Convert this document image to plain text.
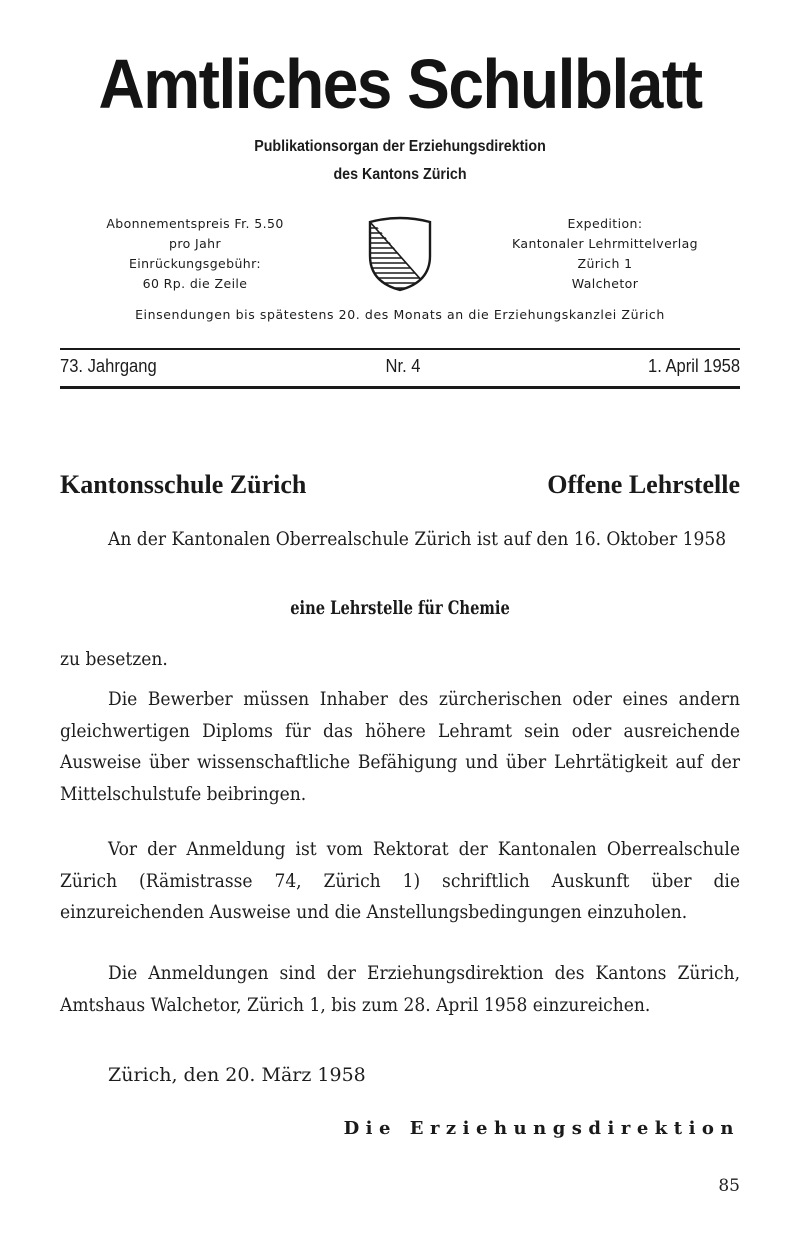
Amtliches Schulblatt
Publikationsorgan der Erziehungsdirektion
des Kantons Zürich
Abonnementspreis Fr. 5.50
pro Jahr
Einrückungsgebühr:
60 Rp. die Zeile
Expedition:
Kantonaler Lehrmittelverlag
Zürich 1
Walchetor
Einsendungen bis spätestens 20. des Monats an die Erziehungskanzlei Zürich
73. Jahrgang	Nr. 4	1. April 1958
Kantonsschule Zürich	Offene Lehrstelle

An der Kantonalen Oberrealschule Zürich ist auf den 16. Oktober 1958

eine Lehrstelle für Chemie

zu besetzen.

Die Bewerber müssen Inhaber des zürcherischen oder eines andern gleichwertigen Diploms für das höhere Lehramt sein oder ausreichende Ausweise über wissenschaftliche Befähigung und über Lehrtätigkeit auf der Mittelschulstufe beibringen.

Vor der Anmeldung ist vom Rektorat der Kantonalen Oberrealschule Zürich (Rämistrasse 74, Zürich 1) schriftlich Auskunft über die einzureichenden Ausweise und die Anstellungsbedingungen einzuholen.

Die Anmeldungen sind der Erziehungsdirektion des Kantons Zürich, Amtshaus Walchetor, Zürich 1, bis zum 28. April 1958 einzureichen.

Zürich, den 20. März 1958
Die Erziehungsdirektion
85
